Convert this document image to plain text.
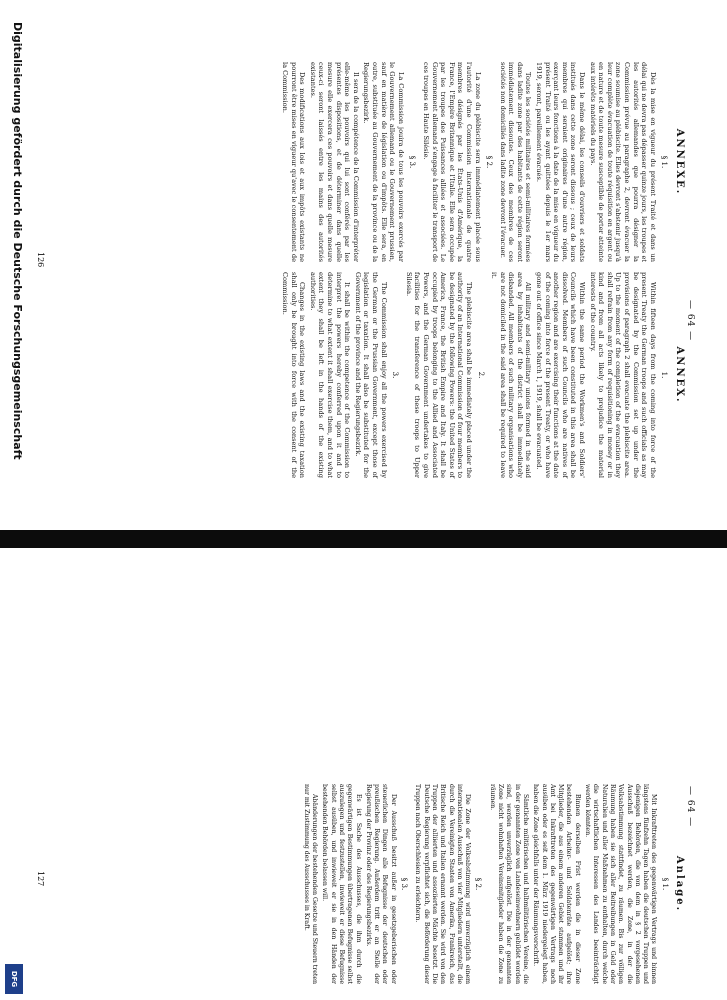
Digitalisierung gefördert durch die Deutsche Forschungsgemeinschaft
DFG
— 64 —
ANNEXE.
§ 1.

Dès la mise en vigueur du présent Traité et dans un délai qui ne devra pas dépasser quinze jours, les troupes et les autorités allemandes que pourra désigner la Commission prévue au paragraphe 2, devront évacuer la zone soumise au plébiscite. Elles devront s'abstenir jusqu'à leur complète évacuation de toute réquisition en argent ou en nature et de toute mesure susceptible de porter atteinte aux intérêts matériels du pays.

Dans le même délai, les conseils d'ouvriers et soldats institués dans cette zone seront dissous ; ceux de leurs membres qui seraient originaires d'une autre région, exerçant leurs fonctions à la date de la mise en vigueur du présent Traité ou les ayant quittées depuis le 1er mars 1919, seront, pareillement évacués.

Toutes les sociétés militaires et semi-militaires formées dans ladite zone par des habitants de cette région seront immédiatement dissoutes. Ceux des membres de ces sociétés non domiciliés dans ladite zone devront l'évacuer.

§ 2.

La zone du plébiscite sera immédiatement placée sous l'autorité d'une Commission internationale de quatre membres désignés par les États-Unis d'Amérique, la France, l'Empire Britannique et l'Italie. Elle sera occupée par les troupes des Puissances alliées et associées. Le Gouvernement allemand s'engage à faciliter le transport de ces troupes en Haute Silésie.

§ 3.

La Commission jouira de tous les pouvoirs exercés par le Gouvernement allemand ou le Gouvernement prussien, sauf en matière de législation ou d'impôts. Elle sera, en outre, substituée au Gouvernement de la province ou de la Regierungsbezirk.

Il sera de la compétence de la Commission d'interpréter elle-même les pouvoirs qui lui sont conférés par les présentes dispositions, et de déterminer dans quelle mesure elle exercera ces pouvoirs et dans quelle mesure ceux-ci seront laissés entre les mains des autorités existantes.

Des modifications aux lois et aux impôts existants ne pourront être mises en vigueur qu'avec le consentement de la Commission.

ANNEX.
1.

Within fifteen days from the coming into force of the present Treaty the German troops and such officials as may be designated by the Commission set up under the provisions of paragraph 2 shall evacuate the plebiscite area. Up to the moment of the completion of the evacuation they shall refrain from any form of requisitioning in money or in kind and from all acts likely to prejudice the material interests of the country.

Within the same period the Workmen's and Soldiers' Councils which have been constituted in this area shall be dissolved. Members of such Councils who are natives of another region and are exercising their functions at the date of the coming into force of the present Treaty, or who have gone out of office since March 1, 1919, shall be evacuated.

All military and semi-military unions formed in the said area by inhabitants of the district shall be immediately disbanded. All members of such military organisations who are not domiciled in the said area shall be required to leave it.

2.

The plebiscite area shall be immediately placed under the authority of an International Commission of four members to be designated by the following Powers: the United States of America, France, the British Empire and Italy. It shall be occupied by troops belonging to the Allied and Associated Powers, and the German Government undertakes to give facilities for the transference of these troops to Upper Silesia.

3.

The Commission shall enjoy all the powers exercised by the German or the Prussian Government, except those of legislation or taxation. It shall also be substituted for the Government of the province and the Regierungsbezirk.

It shall be within the competence of the Commission to interpret the powers hereby conferred upon it and to determine to what extent it shall exercise them, and to what extent they shall be left in the hands of the existing authorities.

Changes in the existing laws and the existing taxation shall only be brought into force with the consent of the Commission.

126
— 64 —
Anlage.
§ 1.

Mit Inkrafttreten des gegenwärtigen Vertrags und binnen längstens fünfzehn Tagen haben die deutschen Truppen und diejenigen Behörden, die von dem in § 2 vorgesehenen Ausschuß bezeichnet werden, die Zone, in der die Volksabstimmung stattfindet, zu räumen. Bis zur völligen Räumung haben sie sich aller Beitreibungen in Geld oder Naturalien und aller Maßnahmen zu enthalten, durch welche die wirtschaftlichen Interessen des Landes beeinträchtigt werden könnten.

Binnen derselben Frist werden die in dieser Zone bestehenden Arbeiter- und Soldatenräte aufgelöst; ihre Mitglieder, die aus einem anderen Gebiet stammen und ihr Amt bei Inkrafttreten des gegenwärtigen Vertrags noch ausüben oder es seit dem 1. März 1919 niedergelegt haben, haben die Zone gleichfalls unter der Räumungsvorschrift.

Sämtliche militärischen und halbmilitärischen Vereine, die in der genannten Zone von Landeseinwohnern gebildet worden sind, werden unverzüglich aufgelöst. Die in der genannten Zone nicht wohnhaften Vereinsmitglieder haben die Zone zu räumen.

§ 2.

Die Zone der Volksabstimmung wird unverzüglich einem internationalen Ausschuß von vier Mitgliedern unterstellt, die durch die Vereinigten Staaten von Amerika, Frankreich, das Britische Reich und Italien ernannt werden. Sie wird von den Truppen der alliierten und assoziierten Mächte besetzt. Die Deutsche Regierung verpflichtet sich, die Beförderung dieser Truppen nach Oberschlesien zu erleichtern.

§ 3.

Der Ausschuß besitzt außer in gesetzgeberischen oder steuerlichen Dingen alle Befugnisse der deutschen oder preußischen Regierung. Außerdem tritt er an Stelle der Regierung der Provinz oder des Regierungsbezirks.

Es ist Sache des Ausschusses, die ihm durch die gegenwärtigen Bestimmungen übertragenen Befugnisse selbst auszulegen und festzustellen, inwieweit er diese Befugnisse selbst ausüben, und inwieweit er sie in den Händen der bestehenden Behörden belassen will.

Abänderungen der bestehenden Gesetze und Steuern treten nur mit Zustimmung des Ausschusses in Kraft.

127
